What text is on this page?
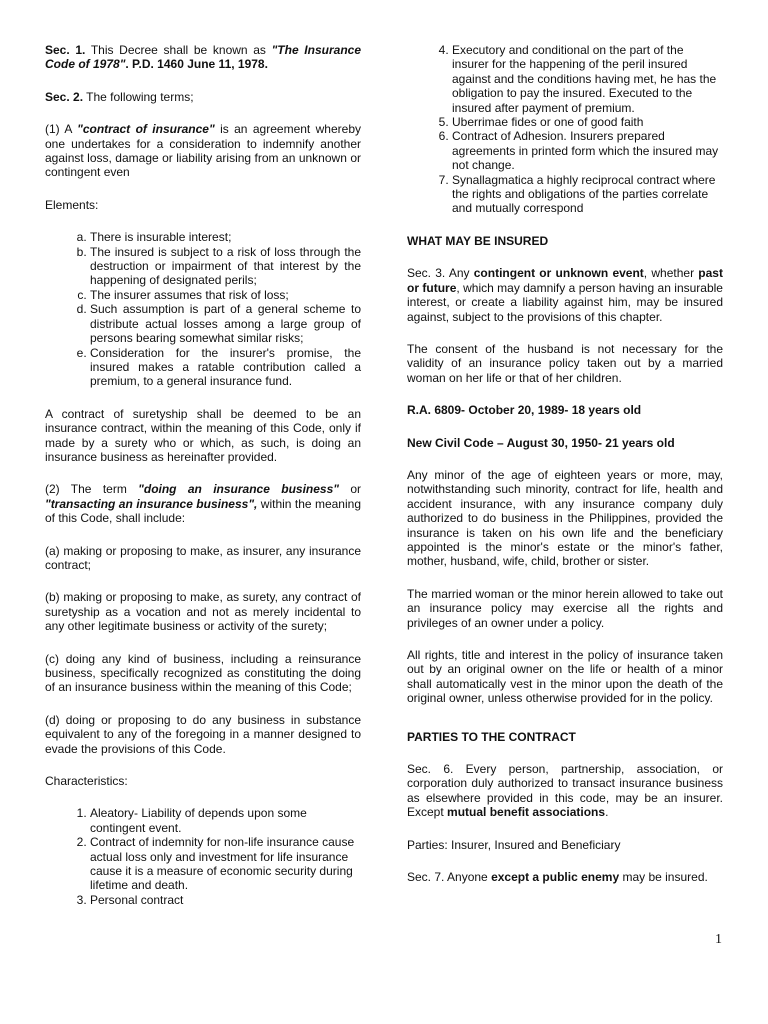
Sec. 1. This Decree shall be known as "The Insurance Code of 1978". P.D. 1460 June 11, 1978.

Sec. 2. The following terms;

(1) A "contract of insurance" is an agreement whereby one undertakes for a consideration to indemnify another against loss, damage or liability arising from an unknown or contingent even

Elements:

a. There is insurable interest;
b. The insured is subject to a risk of loss through the destruction or impairment of that interest by the happening of designated perils;
c. The insurer assumes that risk of loss;
d. Such assumption is part of a general scheme to distribute actual losses among a large group of persons bearing somewhat similar risks;
e. Consideration for the insurer's promise, the insured makes a ratable contribution called a premium, to a general insurance fund.

A contract of suretyship shall be deemed to be an insurance contract, within the meaning of this Code, only if made by a surety who or which, as such, is doing an insurance business as hereinafter provided.

(2) The term "doing an insurance business" or "transacting an insurance business", within the meaning of this Code, shall include:

(a) making or proposing to make, as insurer, any insurance contract;

(b) making or proposing to make, as surety, any contract of suretyship as a vocation and not as merely incidental to any other legitimate business or activity of the surety;

(c) doing any kind of business, including a reinsurance business, specifically recognized as constituting the doing of an insurance business within the meaning of this Code;

(d) doing or proposing to do any business in substance equivalent to any of the foregoing in a manner designed to evade the provisions of this Code.

Characteristics:

1. Aleatory- Liability of depends upon some contingent event.
2. Contract of indemnity for non-life insurance cause actual loss only and investment for life insurance cause it is a measure of economic security during lifetime and death.
3. Personal contract
4. Executory and conditional on the part of the insurer for the happening of the peril insured against and the conditions having met, he has the obligation to pay the insured. Executed to the insured after payment of premium.
5. Uberrimae fides or one of good faith
6. Contract of Adhesion. Insurers prepared agreements in printed form which the insured may not change.
7. Synallagmatica a highly reciprocal contract where the rights and obligations of the parties correlate and mutually correspond
WHAT MAY BE INSURED

Sec. 3. Any contingent or unknown event, whether past or future, which may damnify a person having an insurable interest, or create a liability against him, may be insured against, subject to the provisions of this chapter.

The consent of the husband is not necessary for the validity of an insurance policy taken out by a married woman on her life or that of her children.

R.A. 6809- October 20, 1989- 18 years old

New Civil Code – August 30, 1950- 21 years old

Any minor of the age of eighteen years or more, may, notwithstanding such minority, contract for life, health and accident insurance, with any insurance company duly authorized to do business in the Philippines, provided the insurance is taken on his own life and the beneficiary appointed is the minor's estate or the minor's father, mother, husband, wife, child, brother or sister.

The married woman or the minor herein allowed to take out an insurance policy may exercise all the rights and privileges of an owner under a policy.

All rights, title and interest in the policy of insurance taken out by an original owner on the life or health of a minor shall automatically vest in the minor upon the death of the original owner, unless otherwise provided for in the policy.

PARTIES TO THE CONTRACT

Sec. 6. Every person, partnership, association, or corporation duly authorized to transact insurance business as elsewhere provided in this code, may be an insurer. Except mutual benefit associations.

Parties: Insurer, Insured and Beneficiary

Sec. 7. Anyone except a public enemy may be insured.

1
